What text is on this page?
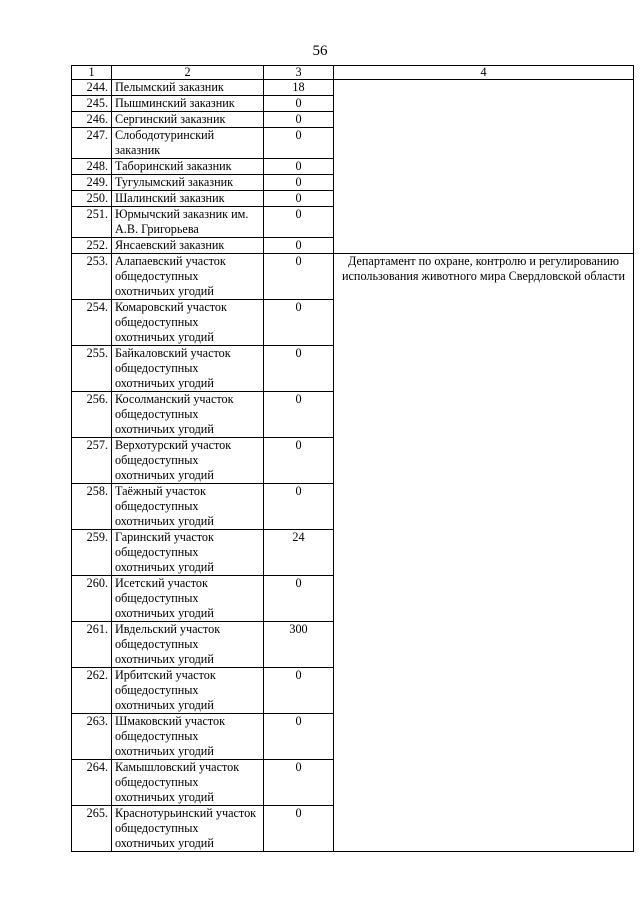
56
1	2	3	4
244.	Пелымский заказник	18	
245.	Пышминский заказник	0	
246.	Сергинский заказник	0	
247.	Слободотуринский заказник	0	
248.	Таборинский заказник	0	
249.	Тугулымский заказник	0	
250.	Шалинский заказник	0	
251.	Юрмычский заказник им. А.В. Григорьева	0	
252.	Янсаевский заказник	0	
253.	Алапаевский участок общедоступных охотничьих угодий	0	Департамент по охране, контролю и регулированию использования животного мира Свердловской области

254.	Комаровский участок общедоступных охотничьих угодий	0	
255.	Байкаловский участок общедоступных охотничьих угодий	0	
256.	Косолманский участок общедоступных охотничьих угодий	0	
257.	Верхотурский участок общедоступных охотничьих угодий	0	
258.	Таёжный участок общедоступных охотничьих угодий	0	
259.	Гаринский участок общедоступных охотничьих угодий	24	
260.	Исетский участок общедоступных охотничьих угодий	0	
261.	Ивдельский участок общедоступных охотничьих угодий	300	
262.	Ирбитский участок общедоступных охотничьих угодий	0	
263.	Шмаковский участок общедоступных охотничьих угодий	0	
264.	Камышловский участок общедоступных охотничьих угодий	0	
265.	Краснотурьинский участок общедоступных охотничьих угодий	0	
